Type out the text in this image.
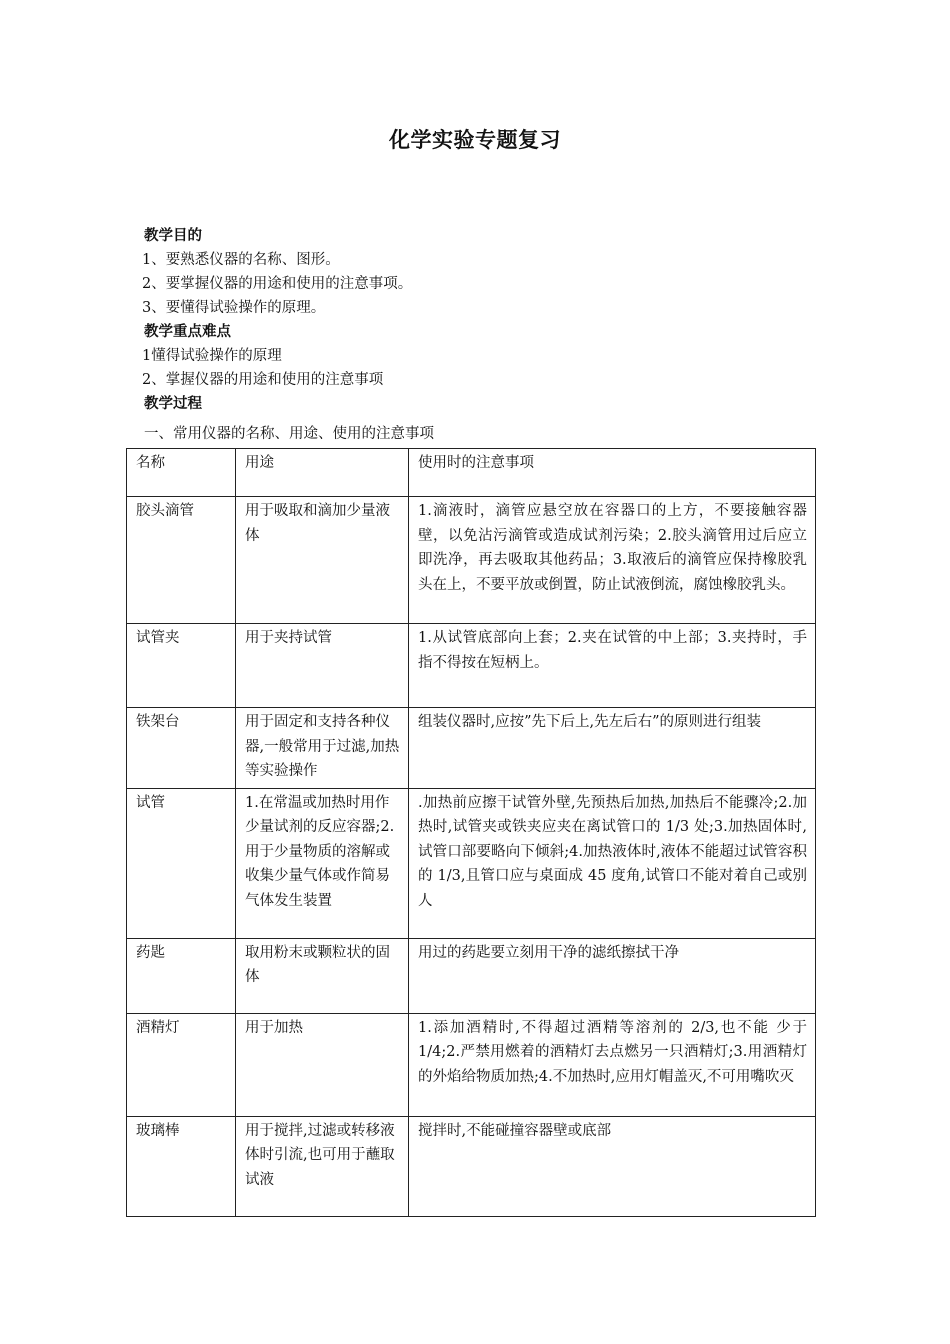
化学实验专题复习
教学目的
1、要熟悉仪器的名称、图形。
2、要掌握仪器的用途和使用的注意事项。
3、要懂得试验操作的原理。
教学重点难点
1懂得试验操作的原理
2、掌握仪器的用途和使用的注意事项
教学过程
一、常用仪器的名称、用途、使用的注意事项
名称	用途	使用时的注意事项
胶头滴管	用于吸取和滴加少量液体	1.滴液时，滴管应悬空放在容器口的上方，不要接触容器壁，以免沾污滴管或造成试剂污染；2.胶头滴管用过后应立即洗净，再去吸取其他药品；3.取液后的滴管应保持橡胶乳头在上，不要平放或倒置，防止试液倒流，腐蚀橡胶乳头。
试管夹	用于夹持试管	1.从试管底部向上套；2.夹在试管的中上部；3.夹持时，手指不得按在短柄上。
铁架台	用于固定和支持各种仪器,一般常用于过滤,加热等实验操作	组装仪器时,应按”先下后上,先左后右”的原则进行组装
试管	1.在常温或加热时用作少量试剂的反应容器;2.用于少量物质的溶解或收集少量气体或作简易气体发生装置	.加热前应擦干试管外壁,先预热后加热,加热后不能骤冷;2.加热时,试管夹或铁夹应夹在离试管口的 1/3 处;3.加热固体时,试管口部要略向下倾斜;4.加热液体时,液体不能超过试管容积的 1/3,且管口应与桌面成 45 度角,试管口不能对着自己或别人
药匙	取用粉末或颗粒状的固体	用过的药匙要立刻用干净的滤纸擦拭干净
酒精灯	用于加热	1.添加酒精时,不得超过酒精等溶剂的 2/3,也不能 少于 1/4;2.严禁用燃着的酒精灯去点燃另一只酒精灯;3.用酒精灯的外焰给物质加热;4.不加热时,应用灯帽盖灭,不可用嘴吹灭
玻璃棒	用于搅拌,过滤或转移液体时引流,也可用于蘸取试液	搅拌时,不能碰撞容器壁或底部
